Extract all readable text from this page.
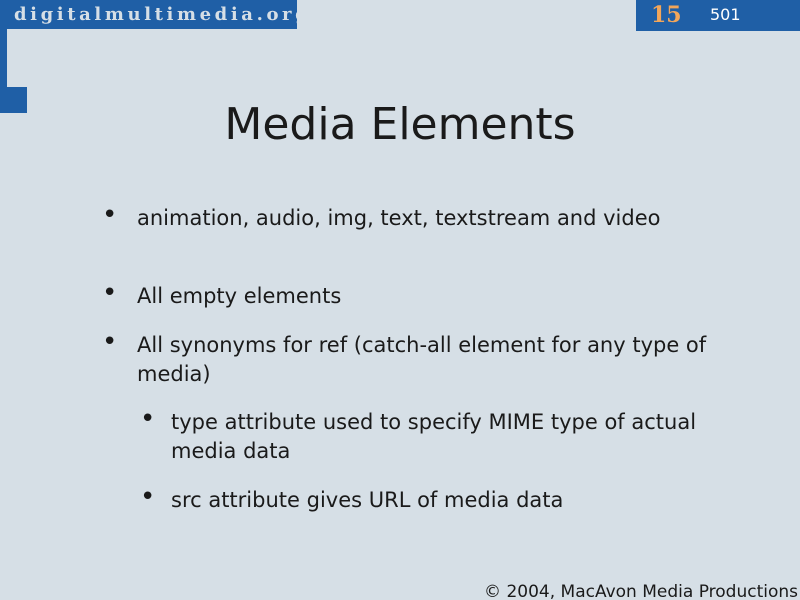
digitalmultimedia.org	15 501
Media Elements
• animation, audio, img, text, textstream and video
• All empty elements
• All synonyms for ref (catch-all element for any type of media)
• type attribute used to specify MIME type of actual media data
• src attribute gives URL of media data
© 2004, MacAvon Media Productions
